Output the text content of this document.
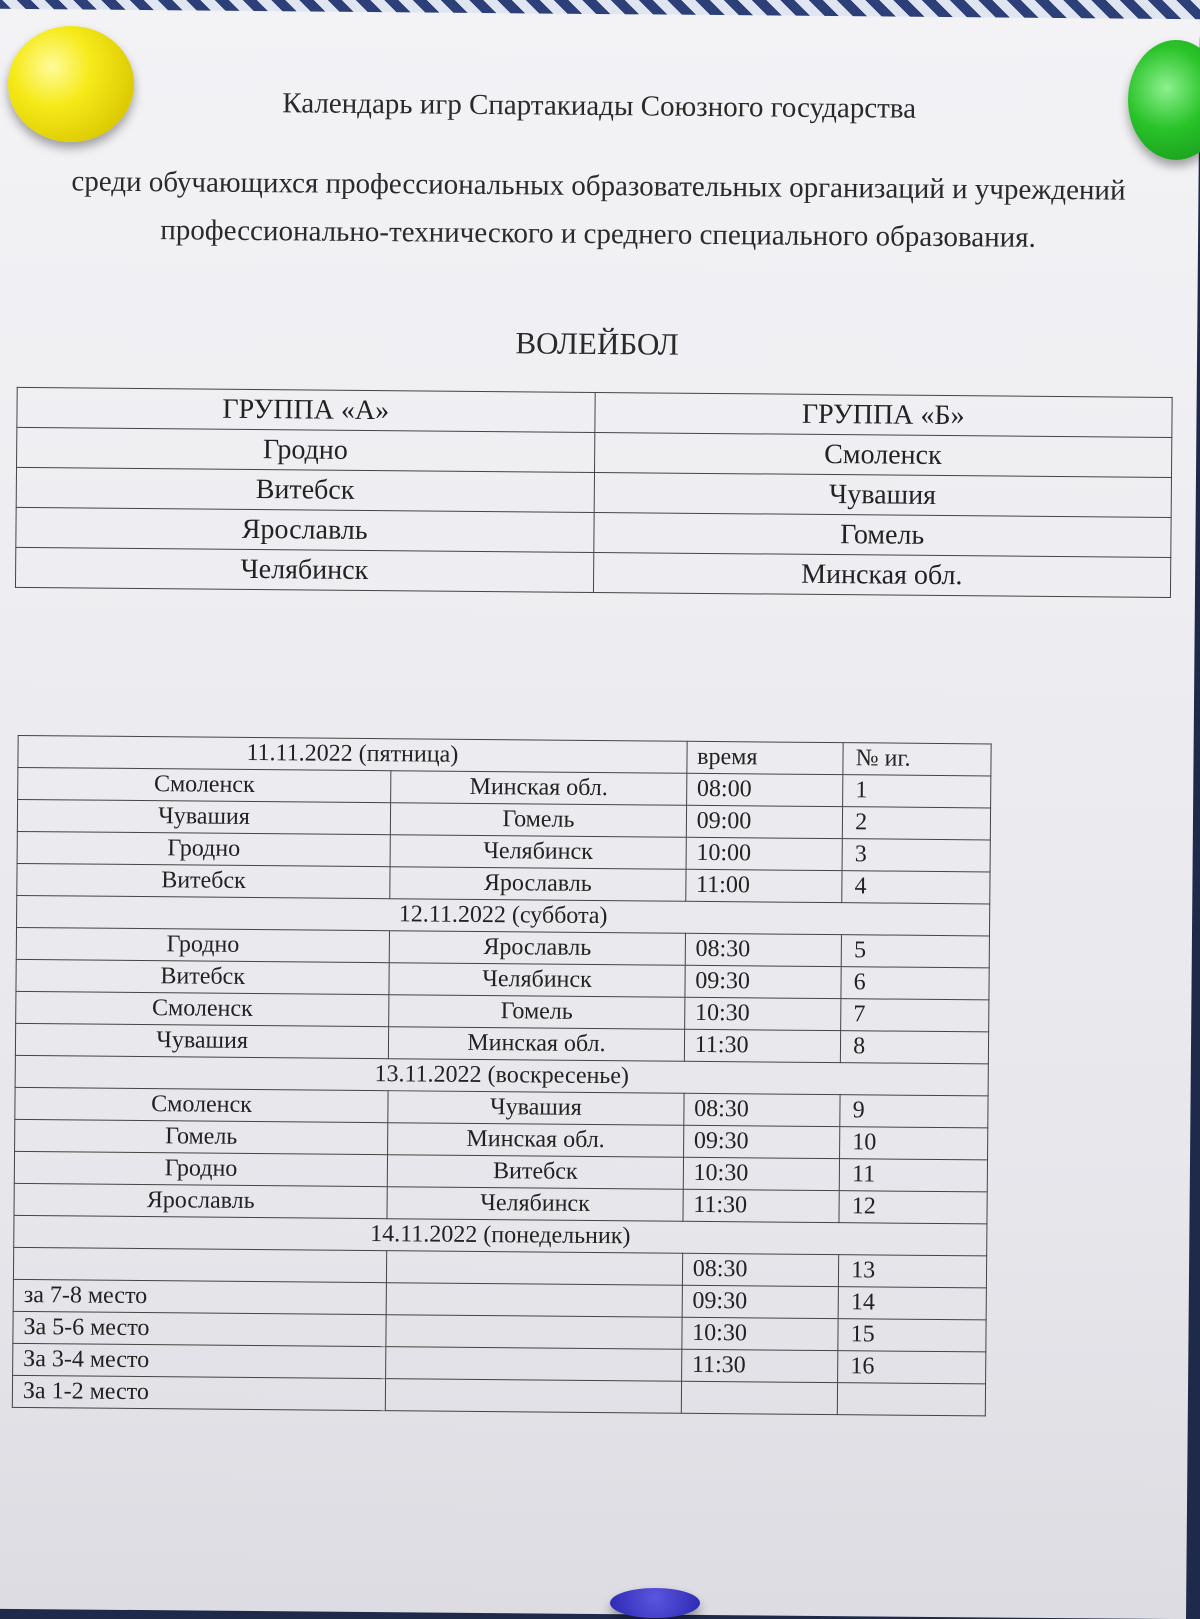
Календарь игр Спартакиады Союзного государства

среди обучающихся профессиональных образовательных организаций и учреждений профессионально-технического и среднего специального образования.

ВОЛЕЙБОЛ
ГРУППА «А»	ГРУППА «Б»
Гродно	Смоленск
Витебск	Чувашия
Ярославль	Гомель
Челябинск	Минская обл.
11.11.2022 (пятница)		время	№ иг.
Смоленск	Минская обл.	08:00	1
Чувашия	Гомель	09:00	2
Гродно	Челябинск	10:00	3
Витебск	Ярославль	11:00	4
12.11.2022 (суббота)			
Гродно	Ярославль	08:30	5
Витебск	Челябинск	09:30	6
Смоленск	Гомель	10:30	7
Чувашия	Минская обл.	11:30	8
13.11.2022 (воскресенье)			
Смоленск	Чувашия	08:30	9
Гомель	Минская обл.	09:30	10
Гродно	Витебск	10:30	11
Ярославль	Челябинск	11:30	12
14.11.2022 (понедельник)			
		08:30	13
за 7-8 место		09:30	14
За 5-6 место		10:30	15
За 3-4 место		11:30	16
За 1-2 место			
